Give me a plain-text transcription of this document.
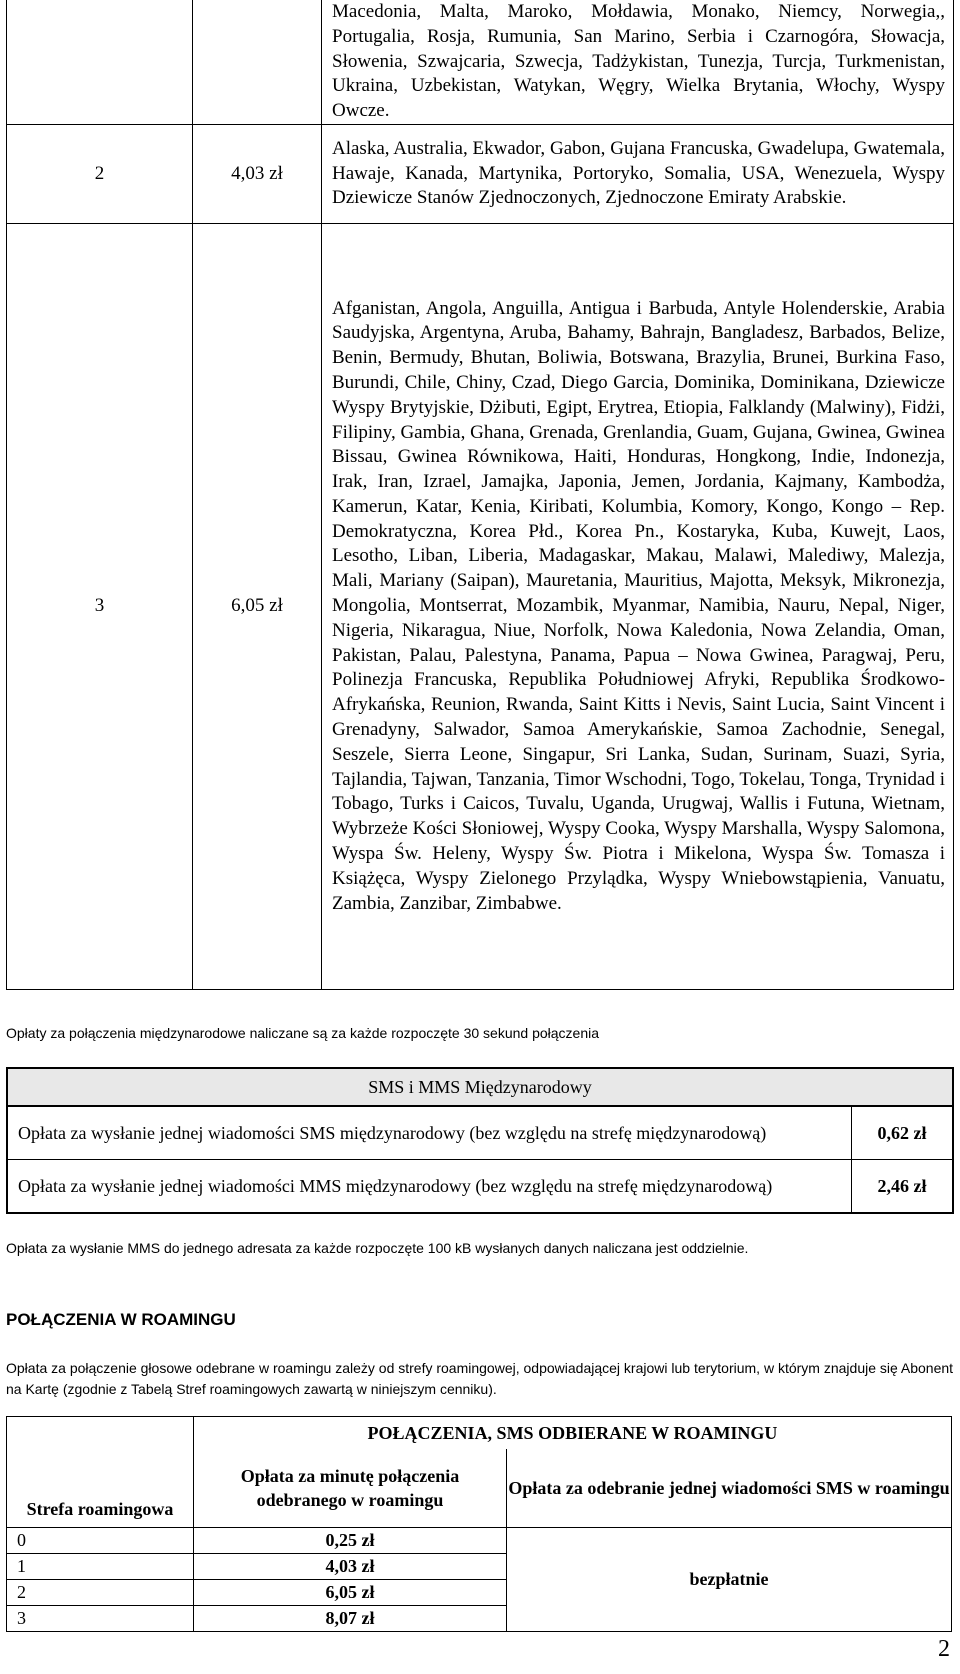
		Macedonia, Malta, Maroko, Mołdawia, Monako, Niemcy, Norwegia,, Portugalia, Rosja, Rumunia, San Marino, Serbia i Czarnogóra, Słowacja, Słowenia, Szwajcaria, Szwecja, Tadżykistan, Tunezja, Turcja, Turkmenistan, Ukraina, Uzbekistan, Watykan, Węgry, Wielka Brytania, Włochy, Wyspy Owcze.
2	4,03 zł	Alaska, Australia, Ekwador, Gabon, Gujana Francuska, Gwadelupa, Gwatemala, Hawaje, Kanada, Martynika, Portoryko, Somalia, USA, Wenezuela, Wyspy Dziewicze Stanów Zjednoczonych, Zjednoczone Emiraty Arabskie.
3	6,05 zł	Afganistan, Angola, Anguilla, Antigua i Barbuda, Antyle Holenderskie, Arabia Saudyjska, Argentyna, Aruba, Bahamy, Bahrajn, Bangladesz, Barbados, Belize, Benin, Bermudy, Bhutan, Boliwia, Botswana, Brazylia, Brunei, Burkina Faso, Burundi, Chile, Chiny, Czad, Diego Garcia, Dominika, Dominikana, Dziewicze Wyspy Brytyjskie, Dżibuti, Egipt, Erytrea, Etiopia, Falklandy (Malwiny), Fidżi, Filipiny, Gambia, Ghana, Grenada, Grenlandia, Guam, Gujana, Gwinea, Gwinea Bissau, Gwinea Równikowa, Haiti, Honduras, Hongkong, Indie, Indonezja, Irak, Iran, Izrael, Jamajka, Japonia, Jemen, Jordania, Kajmany, Kambodża, Kamerun, Katar, Kenia, Kiribati, Kolumbia, Komory, Kongo, Kongo – Rep. Demokratyczna, Korea Płd., Korea Pn., Kostaryka, Kuba, Kuwejt, Laos, Lesotho, Liban, Liberia, Madagaskar, Makau, Malawi, Malediwy, Malezja, Mali, Mariany (Saipan), Mauretania, Mauritius, Majotta, Meksyk, Mikronezja, Mongolia, Montserrat, Mozambik, Myanmar, Namibia, Nauru, Nepal, Niger, Nigeria, Nikaragua, Niue, Norfolk, Nowa Kaledonia, Nowa Zelandia, Oman, Pakistan, Palau, Palestyna, Panama, Papua – Nowa Gwinea, Paragwaj, Peru, Polinezja Francuska, Republika Południowej Afryki, Republika Środkowo-Afrykańska, Reunion, Rwanda, Saint Kitts i Nevis, Saint Lucia, Saint Vincent i Grenadyny, Salwador, Samoa Amerykańskie, Samoa Zachodnie, Senegal, Seszele, Sierra Leone, Singapur, Sri Lanka, Sudan, Surinam, Suazi, Syria, Tajlandia, Tajwan, Tanzania, Timor Wschodni, Togo, Tokelau, Tonga, Trynidad i Tobago, Turks i Caicos, Tuvalu, Uganda, Urugwaj, Wallis i Futuna, Wietnam, Wybrzeże Kości Słoniowej, Wyspy Cooka, Wyspy Marshalla, Wyspy Salomona, Wyspa Św. Heleny, Wyspy Św. Piotra i Mikelona, Wyspa Św. Tomasza i Książęca, Wyspy Zielonego Przylądka, Wyspy Wniebowstąpienia, Vanuatu, Zambia, Zanzibar, Zimbabwe.
Opłaty za połączenia międzynarodowe naliczane są za każde rozpoczęte 30 sekund połączenia
SMS i MMS Międzynarodowy		
Opłata za wysłanie jednej wiadomości SMS międzynarodowy (bez względu na strefę międzynarodową)		0,62 zł
Opłata za wysłanie jednej wiadomości MMS międzynarodowy (bez względu na strefę międzynarodową)		2,46 zł
Opłata za wysłanie MMS do jednego adresata za każde rozpoczęte 100 kB wysłanych danych naliczana jest oddzielnie.
POŁĄCZENIA W ROAMINGU
Opłata za połączenie głosowe odebrane w roamingu zależy od strefy roamingowej, odpowiadającej krajowi lub terytorium, w którym znajduje się Abonent na Kartę (zgodnie z Tabelą Stref roamingowych zawartą w niniejszym cenniku).
Strefa roamingowa	POŁĄCZENIA, SMS ODBIERANE W ROAMINGU	
	Opłata za minutę połączenia odebranego w roamingu	Opłata za odebranie jednej wiadomości SMS w roamingu
0	0,25 zł	bezpłatnie
1	4,03 zł	
2	6,05 zł	
3	8,07 zł	
2
